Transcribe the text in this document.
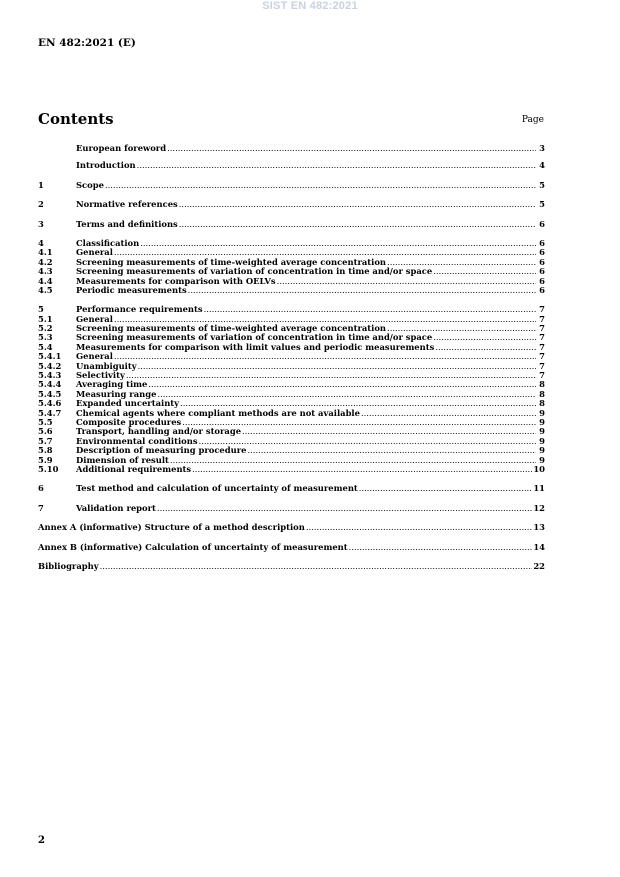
SIST EN 482:2021
EN 482:2021 (E)
Contents	Page
European foreword .....	3
Introduction .....	4
1	Scope .....	5
2	Normative references .....	5
3	Terms and definitions .....	6
4	Classification .....	6
4.1	General .....	6
4.2	Screening measurements of time-weighted average concentration .....	6
4.3	Screening measurements of variation of concentration in time and/or space .....	6
4.4	Measurements for comparison with OELVs .....	6
4.5	Periodic measurements .....	6
5	Performance requirements .....	7
5.1	General .....	7
5.2	Screening measurements of time-weighted average concentration .....	7
5.3	Screening measurements of variation of concentration in time and/or space .....	7
5.4	Measurements for comparison with limit values and periodic measurements .....	7
5.4.1	General .....	7
5.4.2	Unambiguity .....	7
5.4.3	Selectivity .....	7
5.4.4	Averaging time .....	8
5.4.5	Measuring range .....	8
5.4.6	Expanded uncertainty .....	8
5.4.7	Chemical agents where compliant methods are not available .....	9
5.5	Composite procedures .....	9
5.6	Transport, handling and/or storage .....	9
5.7	Environmental conditions .....	9
5.8	Description of measuring procedure .....	9
5.9	Dimension of result .....	9
5.10	Additional requirements .....	10
6	Test method and calculation of uncertainty of measurement .....	11
7	Validation report .....	12
Annex A (informative) Structure of a method description .....	13
Annex B (informative) Calculation of uncertainty of measurement .....	14
Bibliography .....	22
2
